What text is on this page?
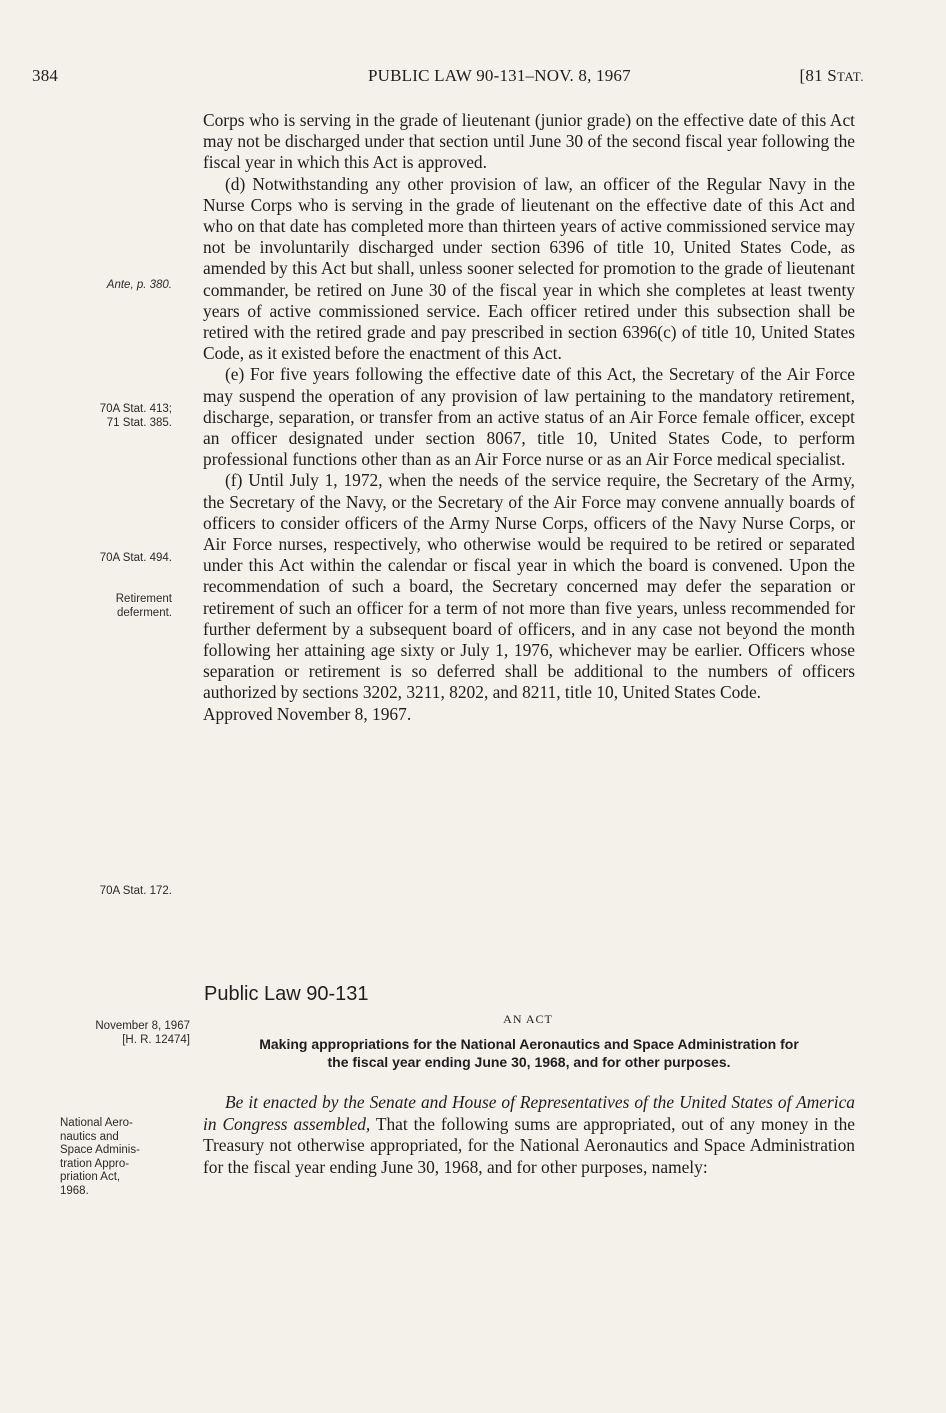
384	PUBLIC LAW 90-131–NOV. 8, 1967	[81 STAT.

Corps who is serving in the grade of lieutenant (junior grade) on the effective date of this Act may not be discharged under that section until June 30 of the second fiscal year following the fiscal year in which this Act is approved.

(d) Notwithstanding any other provision of law, an officer of the Regular Navy in the Nurse Corps who is serving in the grade of lieutenant on the effective date of this Act and who on that date has completed more than thirteen years of active commissioned service may not be involuntarily discharged under section 6396 of title 10, United States Code, as amended by this Act but shall, unless sooner selected for promotion to the grade of lieutenant commander, be retired on June 30 of the fiscal year in which she completes at least twenty years of active commissioned service. Each officer retired under this subsection shall be retired with the retired grade and pay prescribed in section 6396(c) of title 10, United States Code, as it existed before the enactment of this Act.

(e) For five years following the effective date of this Act, the Secretary of the Air Force may suspend the operation of any provision of law pertaining to the mandatory retirement, discharge, separation, or transfer from an active status of an Air Force female officer, except an officer designated under section 8067, title 10, United States Code, to perform professional functions other than as an Air Force nurse or as an Air Force medical specialist.

(f) Until July 1, 1972, when the needs of the service require, the Secretary of the Army, the Secretary of the Navy, or the Secretary of the Air Force may convene annually boards of officers to consider officers of the Army Nurse Corps, officers of the Navy Nurse Corps, or Air Force nurses, respectively, who otherwise would be required to be retired or separated under this Act within the calendar or fiscal year in which the board is convened. Upon the recommendation of such a board, the Secretary concerned may defer the separation or retirement of such an officer for a term of not more than five years, unless recommended for further deferment by a subsequent board of officers, and in any case not beyond the month following her attaining age sixty or July 1, 1976, whichever may be earlier. Officers whose separation or retirement is so deferred shall be additional to the numbers of officers authorized by sections 3202, 3211, 8202, and 8211, title 10, United States Code.

Approved November 8, 1967.

Ante, p. 380.
70A Stat. 413;
71 Stat. 385.
70A Stat. 494.
Retirement
deferment.
70A Stat. 172.
November 8, 1967
[H. R. 12474]
National Aero-
nautics and
Space Adminis-
tration Appro-
priation Act,
1968.
Public Law 90-131
AN ACT
Making appropriations for the National Aeronautics and Space Administration for
the fiscal year ending June 30, 1968, and for other purposes.
Be it enacted by the Senate and House of Representatives of the United States of America in Congress assembled, That the following sums are appropriated, out of any money in the Treasury not otherwise appropriated, for the National Aeronautics and Space Administration for the fiscal year ending June 30, 1968, and for other purposes, namely:
